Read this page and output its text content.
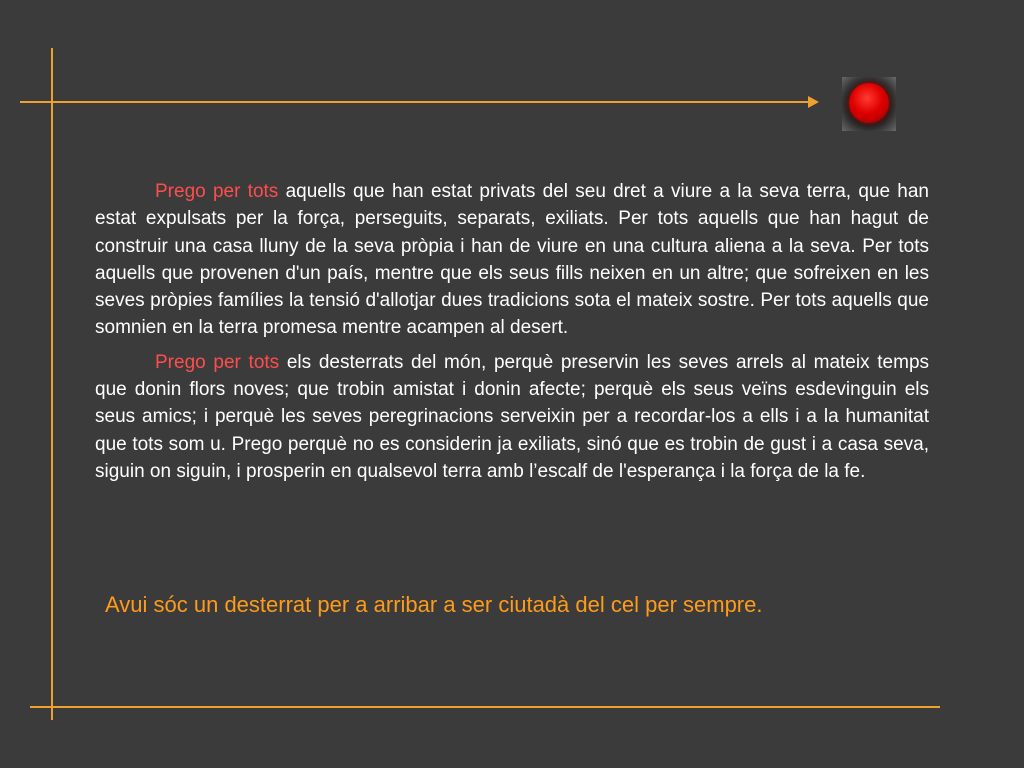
Prego per tots aquells que han estat privats del seu dret a viure a la seva terra, que han estat expulsats per la força, perseguits, separats, exiliats. Per tots aquells que han hagut de construir una casa lluny de la seva pròpia i han de viure en una cultura aliena a la seva. Per tots aquells que provenen d'un país, mentre que els seus fills neixen en un altre; que sofreixen en les seves pròpies famílies la tensió d'allotjar dues tradicions sota el mateix sostre. Per tots aquells que somnien en la terra promesa mentre acampen al desert.

Prego per tots els desterrats del món, perquè preservin les seves arrels al mateix temps que donin flors noves; que trobin amistat i donin afecte; perquè els seus veïns esdevinguin els seus amics; i perquè les seves peregrinacions serveixin per a recordar-los a ells i a la humanitat que tots som u. Prego perquè no es considerin ja exiliats, sinó que es trobin de gust i a casa seva, siguin on siguin, i prosperin en qualsevol terra amb l’escalf de l'esperança i la força de la fe.

Avui sóc un desterrat per a arribar a ser ciutadà del cel per sempre.
